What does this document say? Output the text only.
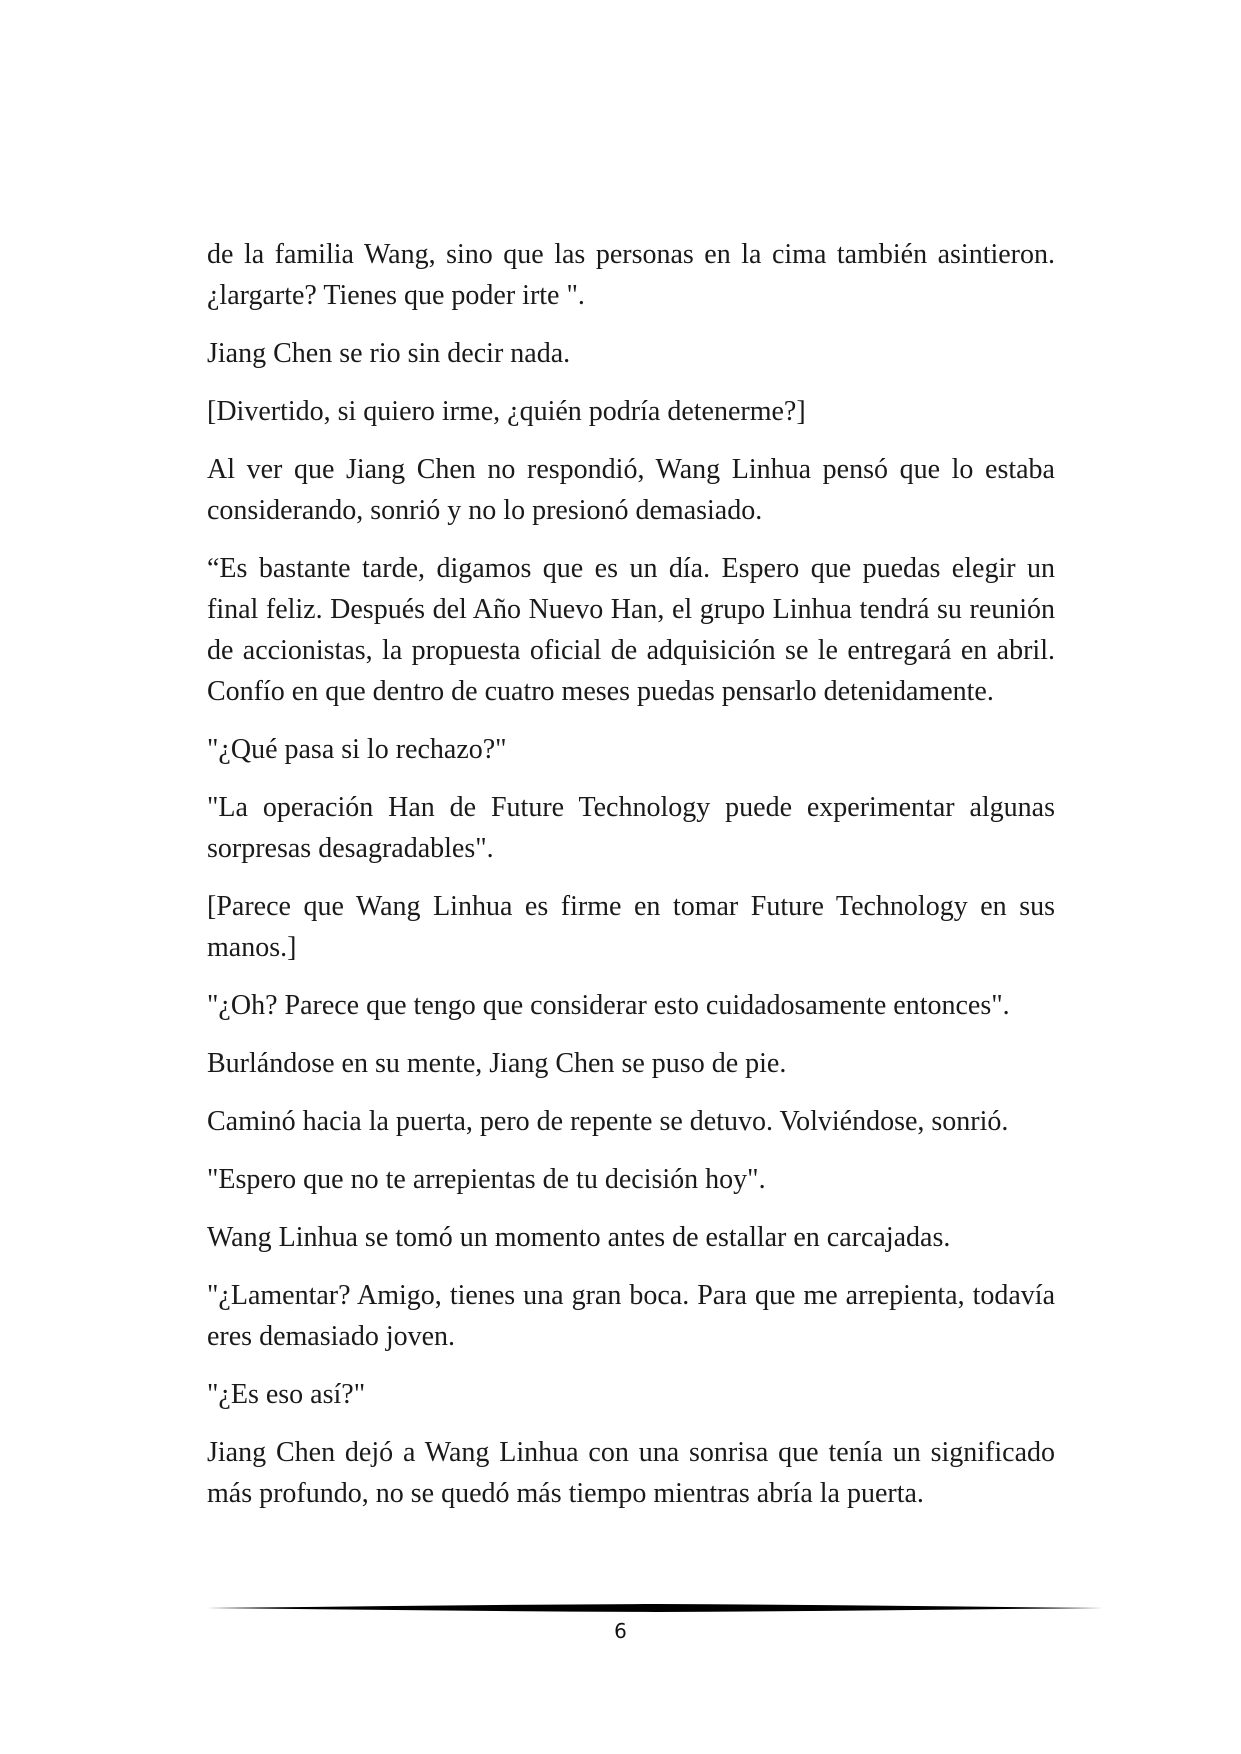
de la familia Wang, sino que las personas en la cima también asintieron. ¿largarte? Tienes que poder irte ".

Jiang Chen se rio sin decir nada.

[Divertido, si quiero irme, ¿quién podría detenerme?]

Al ver que Jiang Chen no respondió, Wang Linhua pensó que lo estaba considerando, sonrió y no lo presionó demasiado.

“Es bastante tarde, digamos que es un día. Espero que puedas elegir un final feliz. Después del Año Nuevo Han, el grupo Linhua tendrá su reunión de accionistas, la propuesta oficial de adquisición se le entregará en abril. Confío en que dentro de cuatro meses puedas pensarlo detenidamente.

"¿Qué pasa si lo rechazo?"

"La operación Han de Future Technology puede experimentar algunas sorpresas desagradables".

[Parece que Wang Linhua es firme en tomar Future Technology en sus manos.]

"¿Oh? Parece que tengo que considerar esto cuidadosamente entonces".

Burlándose en su mente, Jiang Chen se puso de pie.

Caminó hacia la puerta, pero de repente se detuvo. Volviéndose, sonrió.

"Espero que no te arrepientas de tu decisión hoy".

Wang Linhua se tomó un momento antes de estallar en carcajadas.

"¿Lamentar? Amigo, tienes una gran boca. Para que me arrepienta, todavía eres demasiado joven.

"¿Es eso así?"

Jiang Chen dejó a Wang Linhua con una sonrisa que tenía un significado más profundo, no se quedó más tiempo mientras abría la puerta.

6
